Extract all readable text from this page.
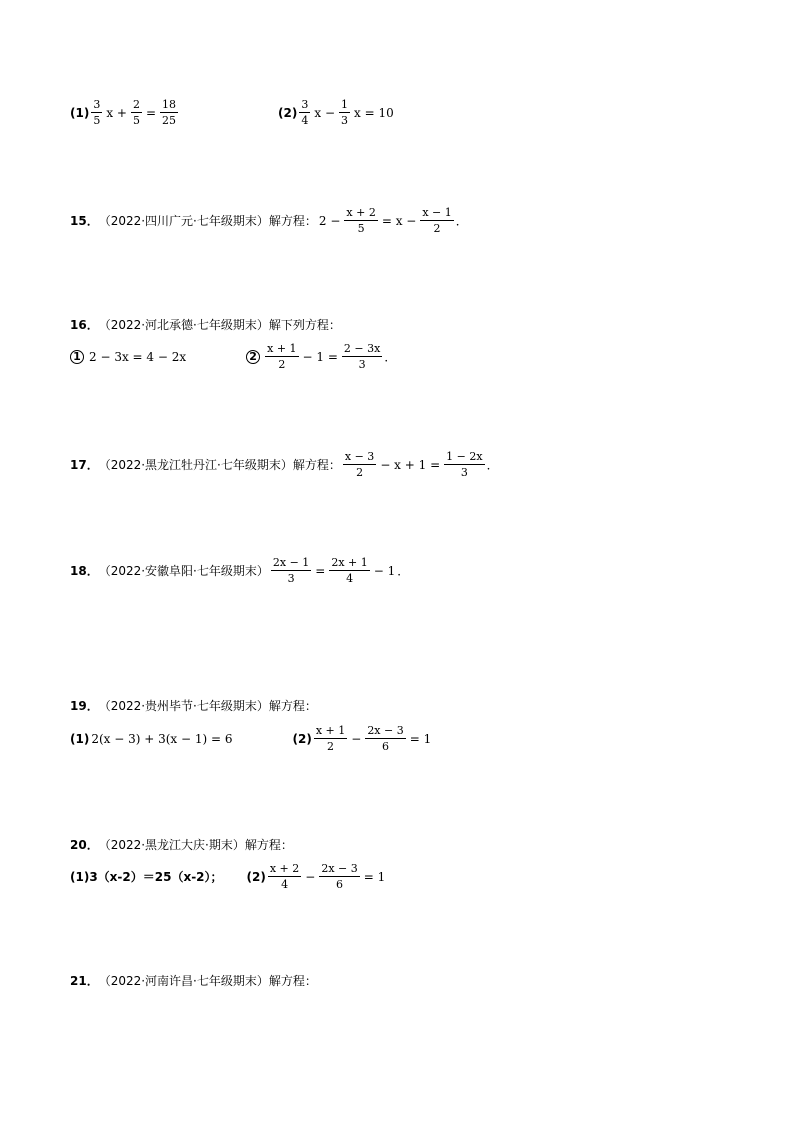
$(1) \frac{3}{5}$ $x + \frac{2}{5} = \frac{18}{25}$	$(2) \frac{3}{4}$ $x - \frac{1}{3}$ x = 10
15． （2022·四川广元·七年级期末） 解方程： $2 - \frac{x + 2}{5} = x - \frac{x - 1}{2}$ ．
16． （2022·河北承德·七年级期末） 解下列方程：
1 2 − 3x = 4 − 2x	$2 \frac{x + 1}{2} - 1 = \frac{2 - 3x}{3}$ ．
17． （2022·黑龙江牡丹江·七年级期末） 解方程： $\frac{x - 3}{2} - x + 1 = \frac{1 - 2x}{3}$ ．
18． （2022·安徽阜阳·七年级期末） $\frac{2x - 1}{3} = \frac{2x + 1}{4} - 1$ ．
19． （2022·贵州毕节·七年级期末） 解方程：
(1) 2(x − 3) + 3(x − 1) = 6	$(2) \frac{x + 1}{2} - \frac{2x - 3}{6} = 1$
20． （2022·黑龙江大庆·期末） 解方程：
(1) 3（x-2）＝25（x-2）； $(2) \frac{x + 2}{4} - \frac{2x - 3}{6} = 1$
21． （2022·河南许昌·七年级期末） 解方程：
